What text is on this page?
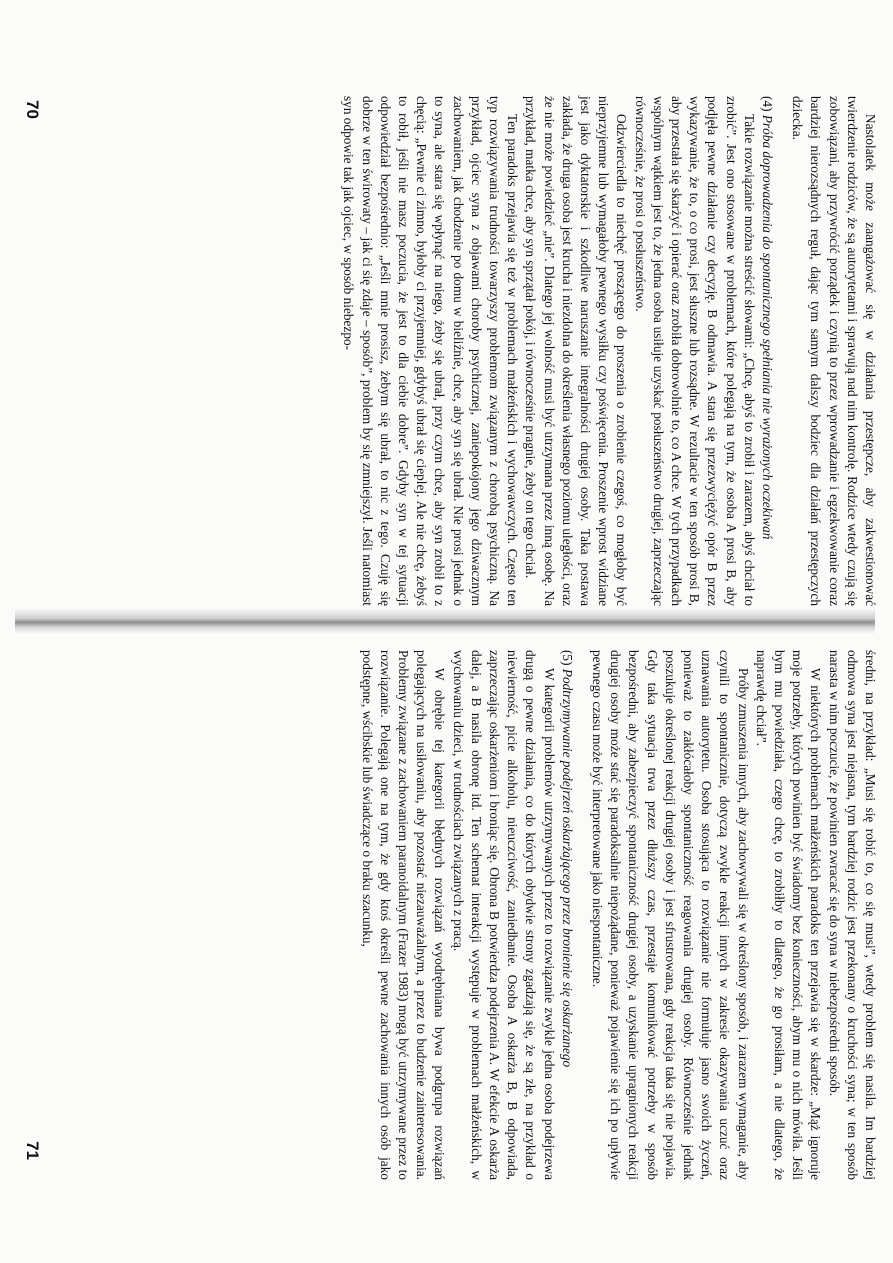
Nastolatek może zaangażować się w działania przestępcze, aby zakwestionować twierdzenie rodziców, że są autorytetami i sprawują nad nim kontrolę. Rodzice wtedy czują się zobowiązani, aby przywrócić porządek i czynią to przez wprowadzanie i egzekwowanie coraz bardziej nierozsądnych reguł, dając tym samym dalszy bodziec dla działań przestępczych dziecka.

(4) Próba doprowadzenia do spontanicznego spełniania nie wyrażonych oczekiwań

Takie rozwiązanie można streścić słowami: „Chcę, abyś to zrobił i zarazem, abyś chciał to zrobić”. Jest ono stosowane w problemach, które polegają na tym, że osoba A prosi B, aby podjęła pewne działanie czy decyzję. B odmawia. A stara się przezwyciężyć opór B przez wykazywanie, że to, o co prosi, jest słuszne lub rozsądne. W rezultacie w ten sposób prosi B, aby przestała się skarżyć i opierać oraz zrobiła dobrowolnie to, co A chce. W tych przypadkach wspólnym wątkiem jest to, że jedna osoba usiłuje uzyskać posłuszeństwo drugiej, zaprzeczając równocześnie, że prosi o posłuszeństwo.

Odzwierciedla to niechęć proszącego do proszenia o zrobienie czegoś, co mogłoby być nieprzyjemne lub wymagałoby pewnego wysiłku czy poświęcenia. Proszenie wprost widziane jest jako dyktatorskie i szkodliwe naruszanie integralności drugiej osoby. Taka postawa zakłada, że druga osoba jest krucha i niezdolna do określenia własnego poziomu uległości, oraz że nie może powiedzieć „nie”. Dlatego jej wolność musi być utrzymana przez inną osobę. Na przykład, matka chce, aby syn sprzątał pokój, i równocześnie pragnie, żeby on tego chciał.

Ten paradoks przejawia się też w problemach małżeńskich i wychowawczych. Często ten typ rozwiązywania trudności towarzyszy problemom związanym z chorobą psychiczną. Na przykład, ojciec syna z objawami choroby psychicznej, zaniepokojony jego dziwacznym zachowaniem, jak chodzenie po domu w bieliźnie, chce, aby syn się ubrał. Nie prosi jednak o to syna, ale stara się wpłynąć na niego, żeby się ubrał, przy czym chce, aby syn zrobił to z chęcią: „Pewnie ci zimno, byłoby ci przyjemniej, gdybyś ubrał się cieplej. Ale nie chcę, żebyś to robił, jeśli nie masz poczucia, że jest to dla ciebie dobre”. Gdyby syn w tej sytuacji odpowiedział bezpośrednio: „Jeśli mnie prosisz, żebym się ubrał, to nic z tego. Czuję się dobrze w ten świrowaty – jak ci się zdaje – sposób”, problem by się zmniejszył. Jeśli natomiast syn odpowie tak jak ojciec, w sposób niebezpo-

70

średni, na przykład: „Musi się robić to, co się musi”, wtedy problem się nasila. Im bardziej odmowa syna jest niejasna, tym bardziej rodzic jest przekonany o kruchości syna; w ten sposób narasta w nim poczucie, że powinien zwracać się do syna w niebezpośredni sposób.

W niektórych problemach małżeńskich paradoks ten przejawia się w skardze: „Mąż ignoruje moje potrzeby, których powinien być świadomy bez konieczności, abym mu o nich mówiła. Jeśli bym mu powiedziała, czego chcę, to zrobiłby to dlatego, że go prosiłam, a nie dlatego, że naprawdę chciał”.

Próby zmuszenia innych, aby zachowywali się w określony sposób, i zarazem wymaganie, aby czynili to spontanicznie, dotyczą zwykle reakcji innych w zakresie okazywania uczuć oraz uznawania autorytetu. Osoba stosująca to rozwiązanie nie formułuje jasno swoich życzeń, ponieważ to zakłócałoby spontaniczność reagowania drugiej osoby. Równocześnie jednak poszukuje określonej reakcji drugiej osoby i jest sfrustrowana, gdy reakcja taka się nie pojawia. Gdy taka sytuacja trwa przez dłuższy czas, przestaje komunikować potrzeby w sposób bezpośredni, aby zabezpieczyć spontaniczność drugiej osoby, a uzyskanie upragnionych reakcji drugiej osoby może stać się paradoksalnie niepożądane, ponieważ pojawienie się ich po upływie pewnego czasu może być interpretowane jako niespontaniczne.

(5) Podtrzymywanie podejrzeń oskarżającego przez bronienie się oskarżanego

W kategorii problemów utrzymywanych przez to rozwiązanie zwykle jedna osoba podejrzewa drugą o pewne działania, co do których obydwie strony zgadzają się, że są złe, na przykład o niewierność, picie alkoholu, nieuczciwość, zaniedbanie. Osoba A oskarża B, B odpowiada, zaprzeczając oskarżeniom i broniąc się. Obrona B potwierdza podejrzenia A. W efekcie A oskarża dalej, a B nasila obronę itd. Ten schemat interakcji występuje w problemach małżeńskich, w wychowaniu dzieci, w trudnościach związanych z pracą.

W obrębie tej kategorii błędnych rozwiązań wyodrębniana bywa podgrupa rozwiązań polegających na usiłowaniu, aby pozostać niezauważalnym, a przez to budzenie zainteresowania. Problemy związane z zachowaniem paranoidalnym (Frazer 1983) mogą być utrzymywane przez to rozwiązanie. Polegają one na tym, że gdy ktoś określi pewne zachowania innych osób jako podstępne, wścibskie lub świadczące o braku szacunku,

71
